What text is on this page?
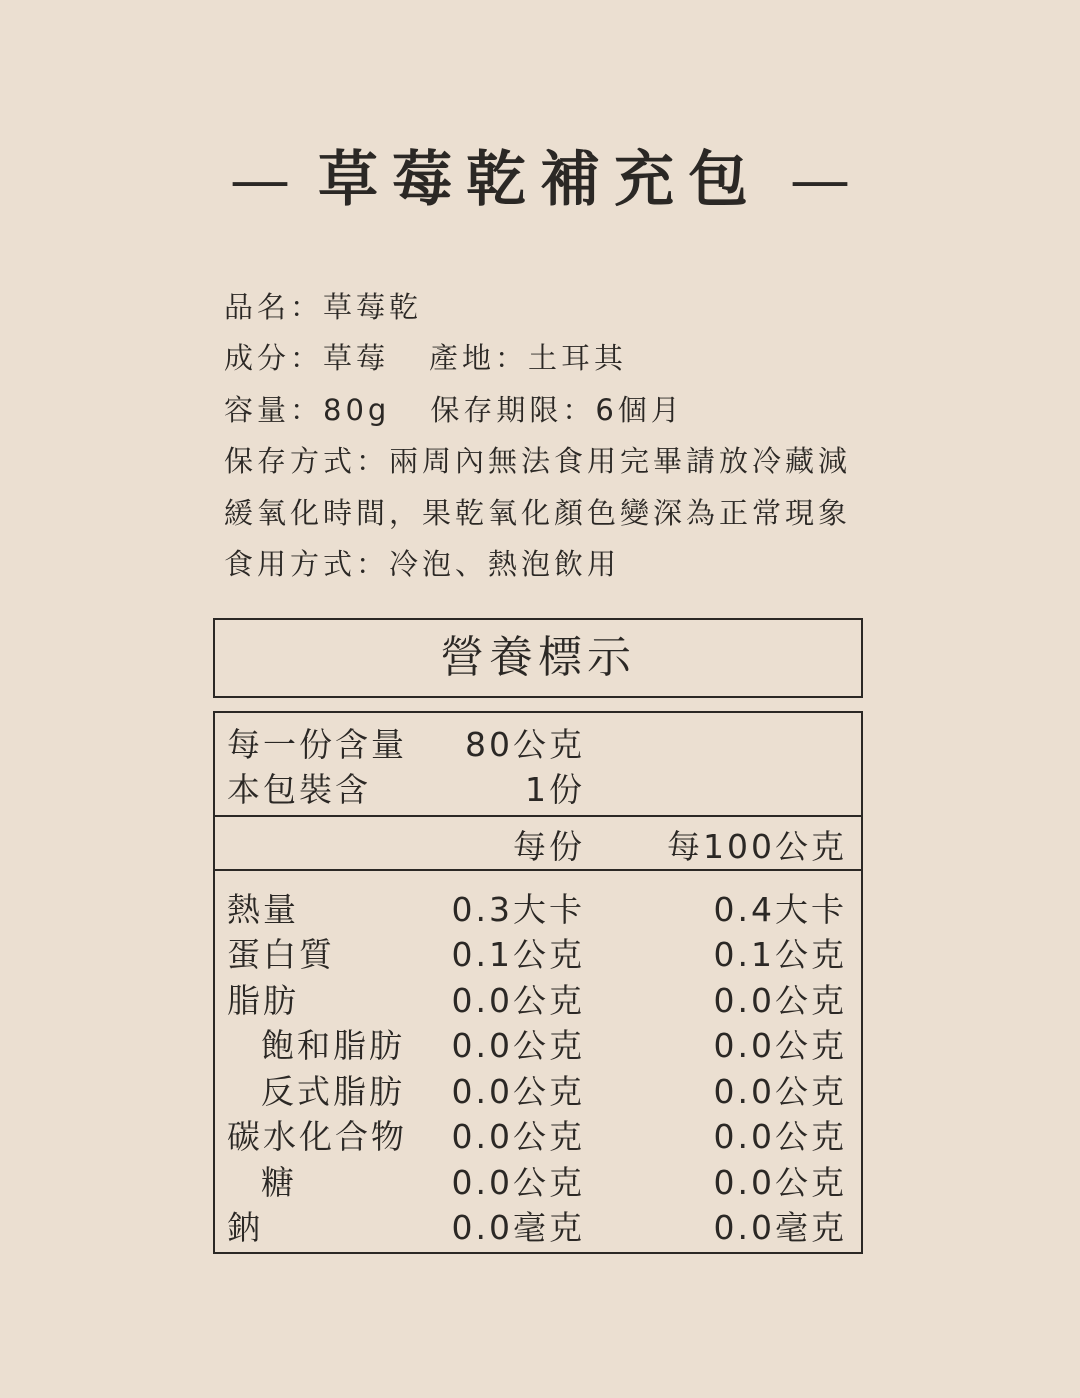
— 草莓乾補充包 —
品名：草莓乾
成分：草莓 產地：土耳其
容量：80g 保存期限：6個月
保存方式：兩周內無法食用完畢請放冷藏減
緩氧化時間，果乾氧化顏色變深為正常現象
食用方式：冷泡、熱泡飲用
營養標示
每一份含量 80公克
本包裝含	1份
每份 每100公克
熱量	0.3大卡	0.4大卡
蛋白質	0.1公克	0.1公克
脂肪	0.0公克	0.0公克
飽和脂肪 0.0公克	0.0公克
反式脂肪 0.0公克	0.0公克
碳水化合物 0.0公克	0.0公克
糖	0.0公克	0.0公克
鈉	0.0毫克	0.0毫克
